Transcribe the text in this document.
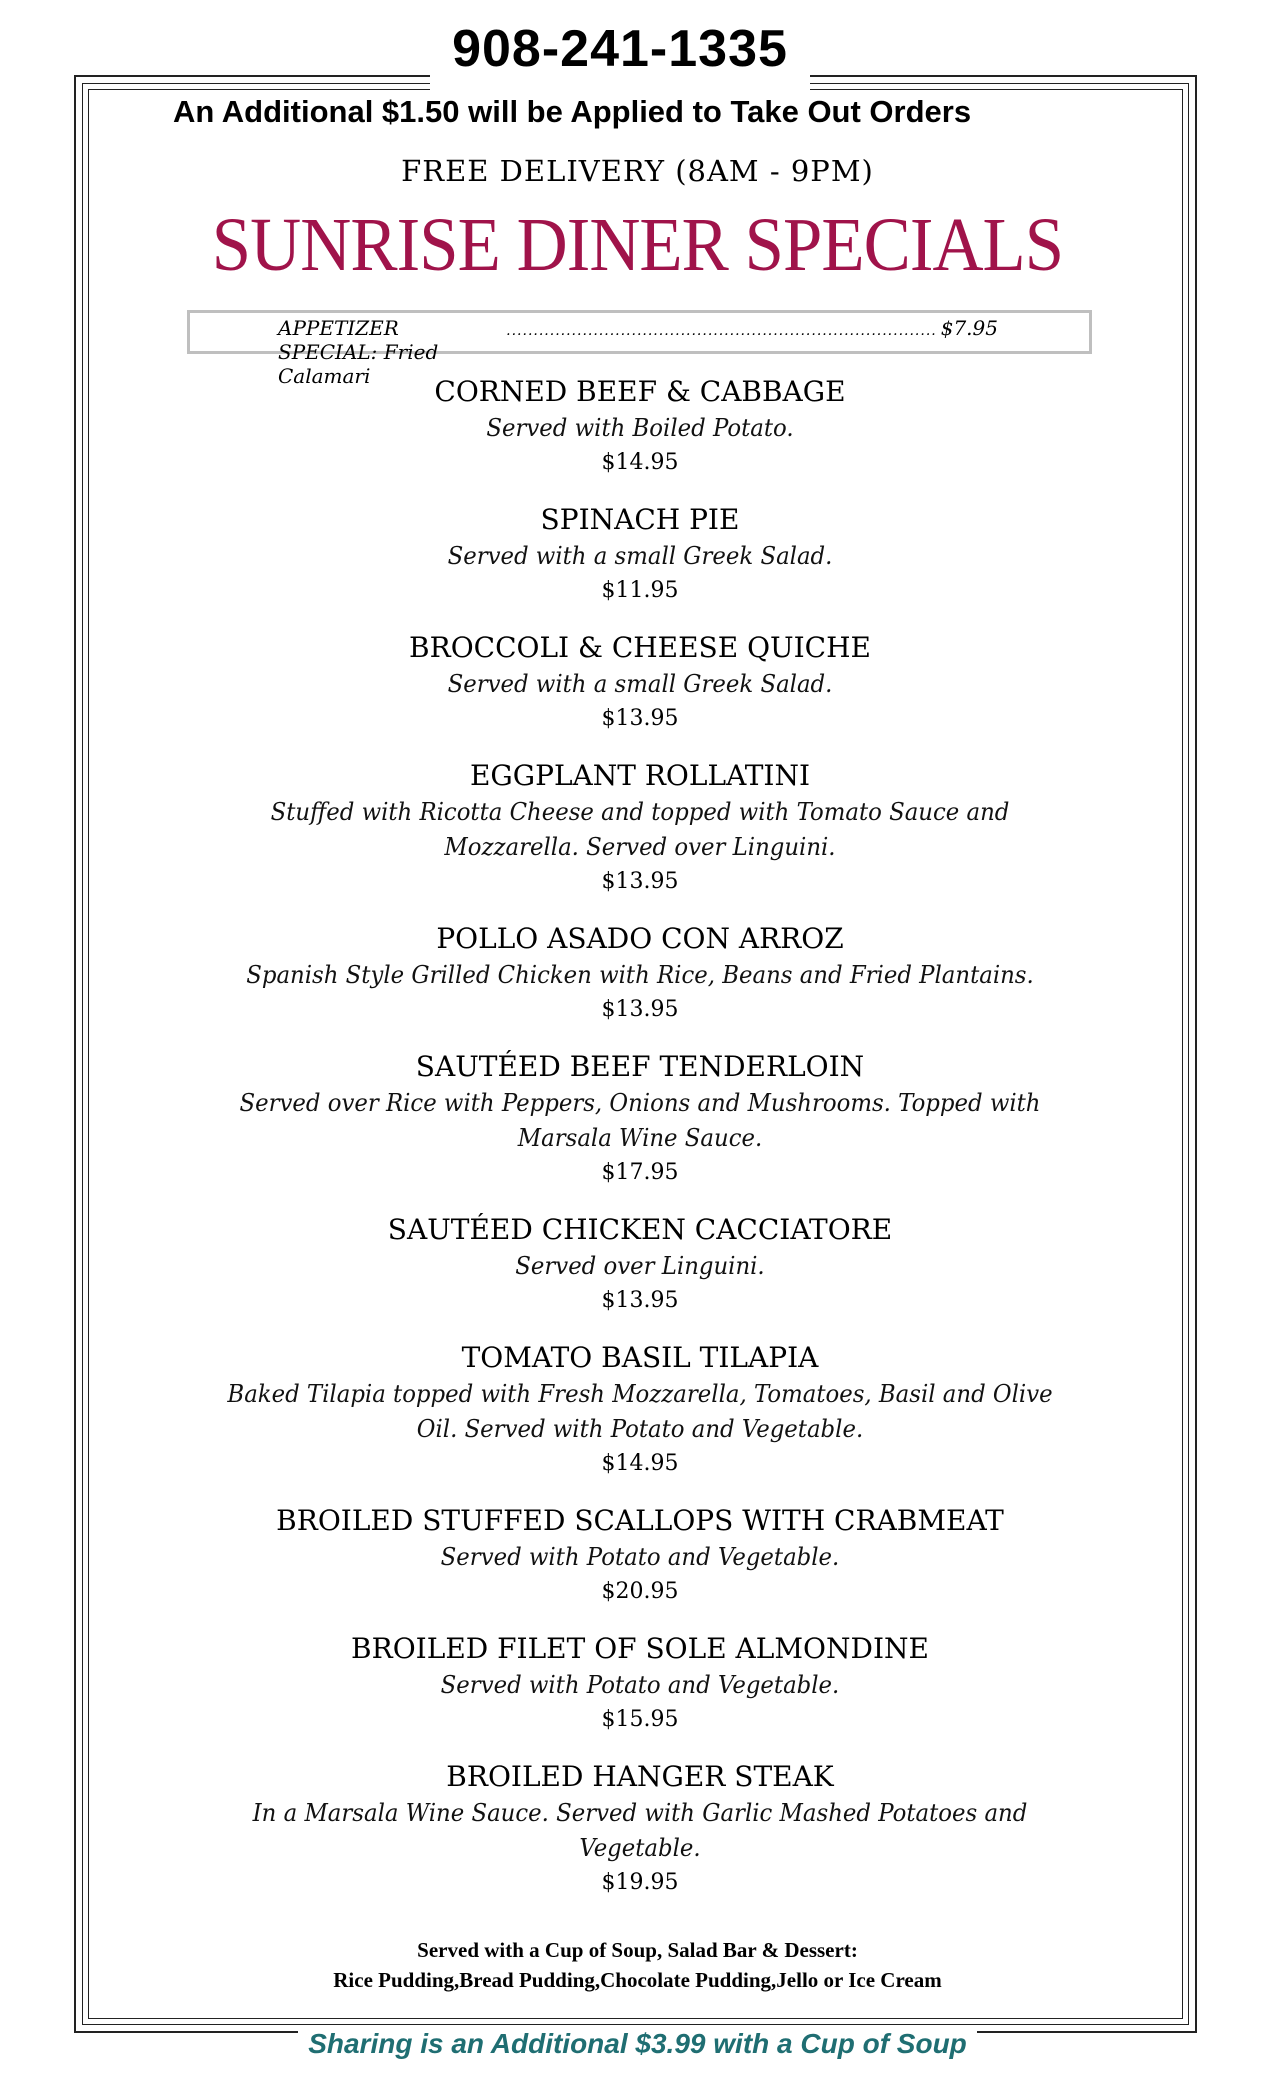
908-241-1335
An Additional $1.50 will be Applied to Take Out Orders
FREE DELIVERY (8AM - 9PM)
SUNRISE DINER SPECIALS
APPETIZER SPECIAL: Fried Calamari
............................................................................... $7.95
CORNED BEEF & CABBAGE
Served with Boiled Potato.
$14.95
SPINACH PIE
Served with a small Greek Salad.
$11.95
BROCCOLI & CHEESE QUICHE
Served with a small Greek Salad.
$13.95
EGGPLANT ROLLATINI
Stuffed with Ricotta Cheese and topped with Tomato Sauce and
Mozzarella. Served over Linguini.
$13.95
POLLO ASADO CON ARROZ
Spanish Style Grilled Chicken with Rice, Beans and Fried Plantains.
$13.95
SAUTÉED BEEF TENDERLOIN
Served over Rice with Peppers, Onions and Mushrooms. Topped with
Marsala Wine Sauce.
$17.95
SAUTÉED CHICKEN CACCIATORE
Served over Linguini.
$13.95
TOMATO BASIL TILAPIA
Baked Tilapia topped with Fresh Mozzarella, Tomatoes, Basil and Olive
Oil. Served with Potato and Vegetable.
$14.95
BROILED STUFFED SCALLOPS WITH CRABMEAT
Served with Potato and Vegetable.
$20.95
BROILED FILET OF SOLE ALMONDINE
Served with Potato and Vegetable.
$15.95
BROILED HANGER STEAK
In a Marsala Wine Sauce. Served with Garlic Mashed Potatoes and
Vegetable.
$19.95
Served with a Cup of Soup, Salad Bar & Dessert:
Rice Pudding,Bread Pudding,Chocolate Pudding,Jello or Ice Cream
Sharing is an Additional $3.99 with a Cup of Soup
